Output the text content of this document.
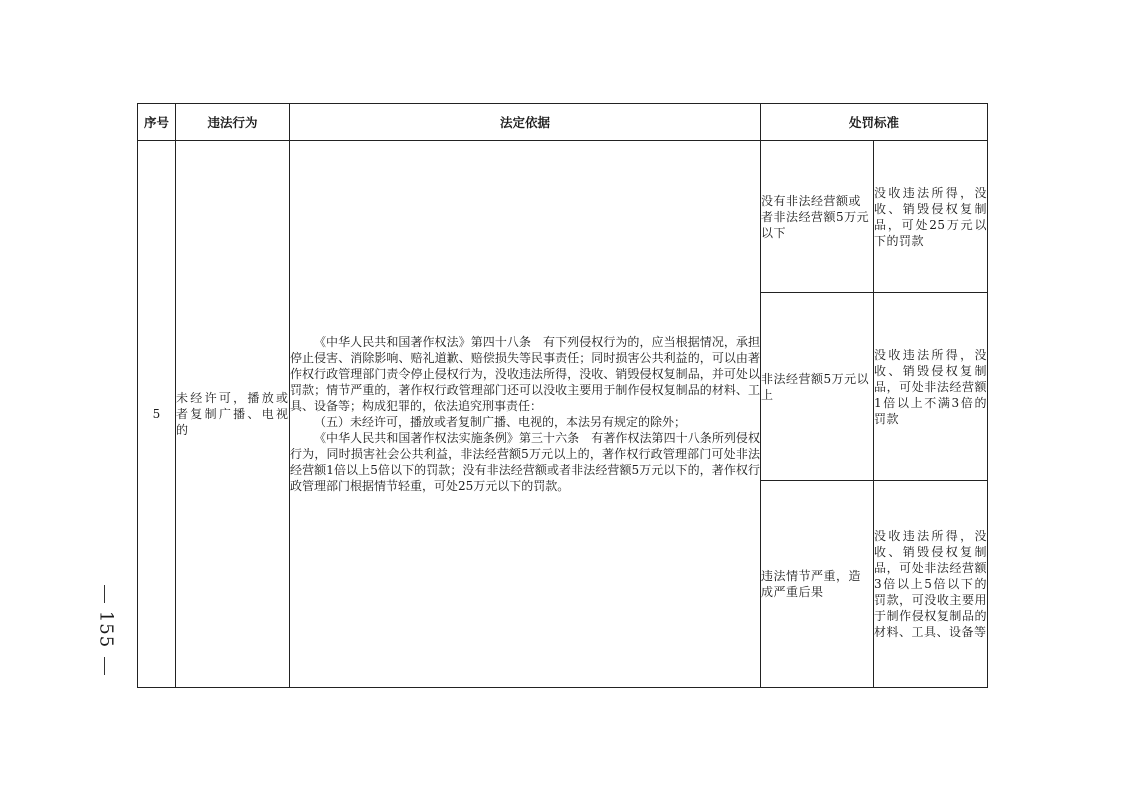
155
序号	违法行为	法定依据	处罚标准	
5	未经许可，播放或者复制广播、电视的	《中华人民共和国著作权法》第四十八条　有下列侵权行为的，应当根据情况，承担停止侵害、消除影响、赔礼道歉、赔偿损失等民事责任；同时损害公共利益的，可以由著作权行政管理部门责令停止侵权行为，没收违法所得，没收、销毁侵权复制品，并可处以罚款；情节严重的，著作权行政管理部门还可以没收主要用于制作侵权复制品的材料、工具、设备等；构成犯罪的，依法追究刑事责任：

（五）未经许可，播放或者复制广播、电视的，本法另有规定的除外；

《中华人民共和国著作权法实施条例》第三十六条　有著作权法第四十八条所列侵权行为，同时损害社会公共利益，非法经营额5万元以上的，著作权行政管理部门可处非法经营额1倍以上5倍以下的罚款；没有非法经营额或者非法经营额5万元以下的，著作权行政管理部门根据情节轻重，可处25万元以下的罚款。	没有非法经营额或者非法经营额5万元以下	没收违法所得，没收、销毁侵权复制品，可处25万元以下的罚款
			非法经营额5万元以上	没收违法所得，没收、销毁侵权复制品，可处非法经营额1倍以上不满3倍的罚款
			违法情节严重，造成严重后果	没收违法所得，没收、销毁侵权复制品，可处非法经营额3倍以上5倍以下的罚款，可没收主要用于制作侵权复制品的材料、工具、设备等
